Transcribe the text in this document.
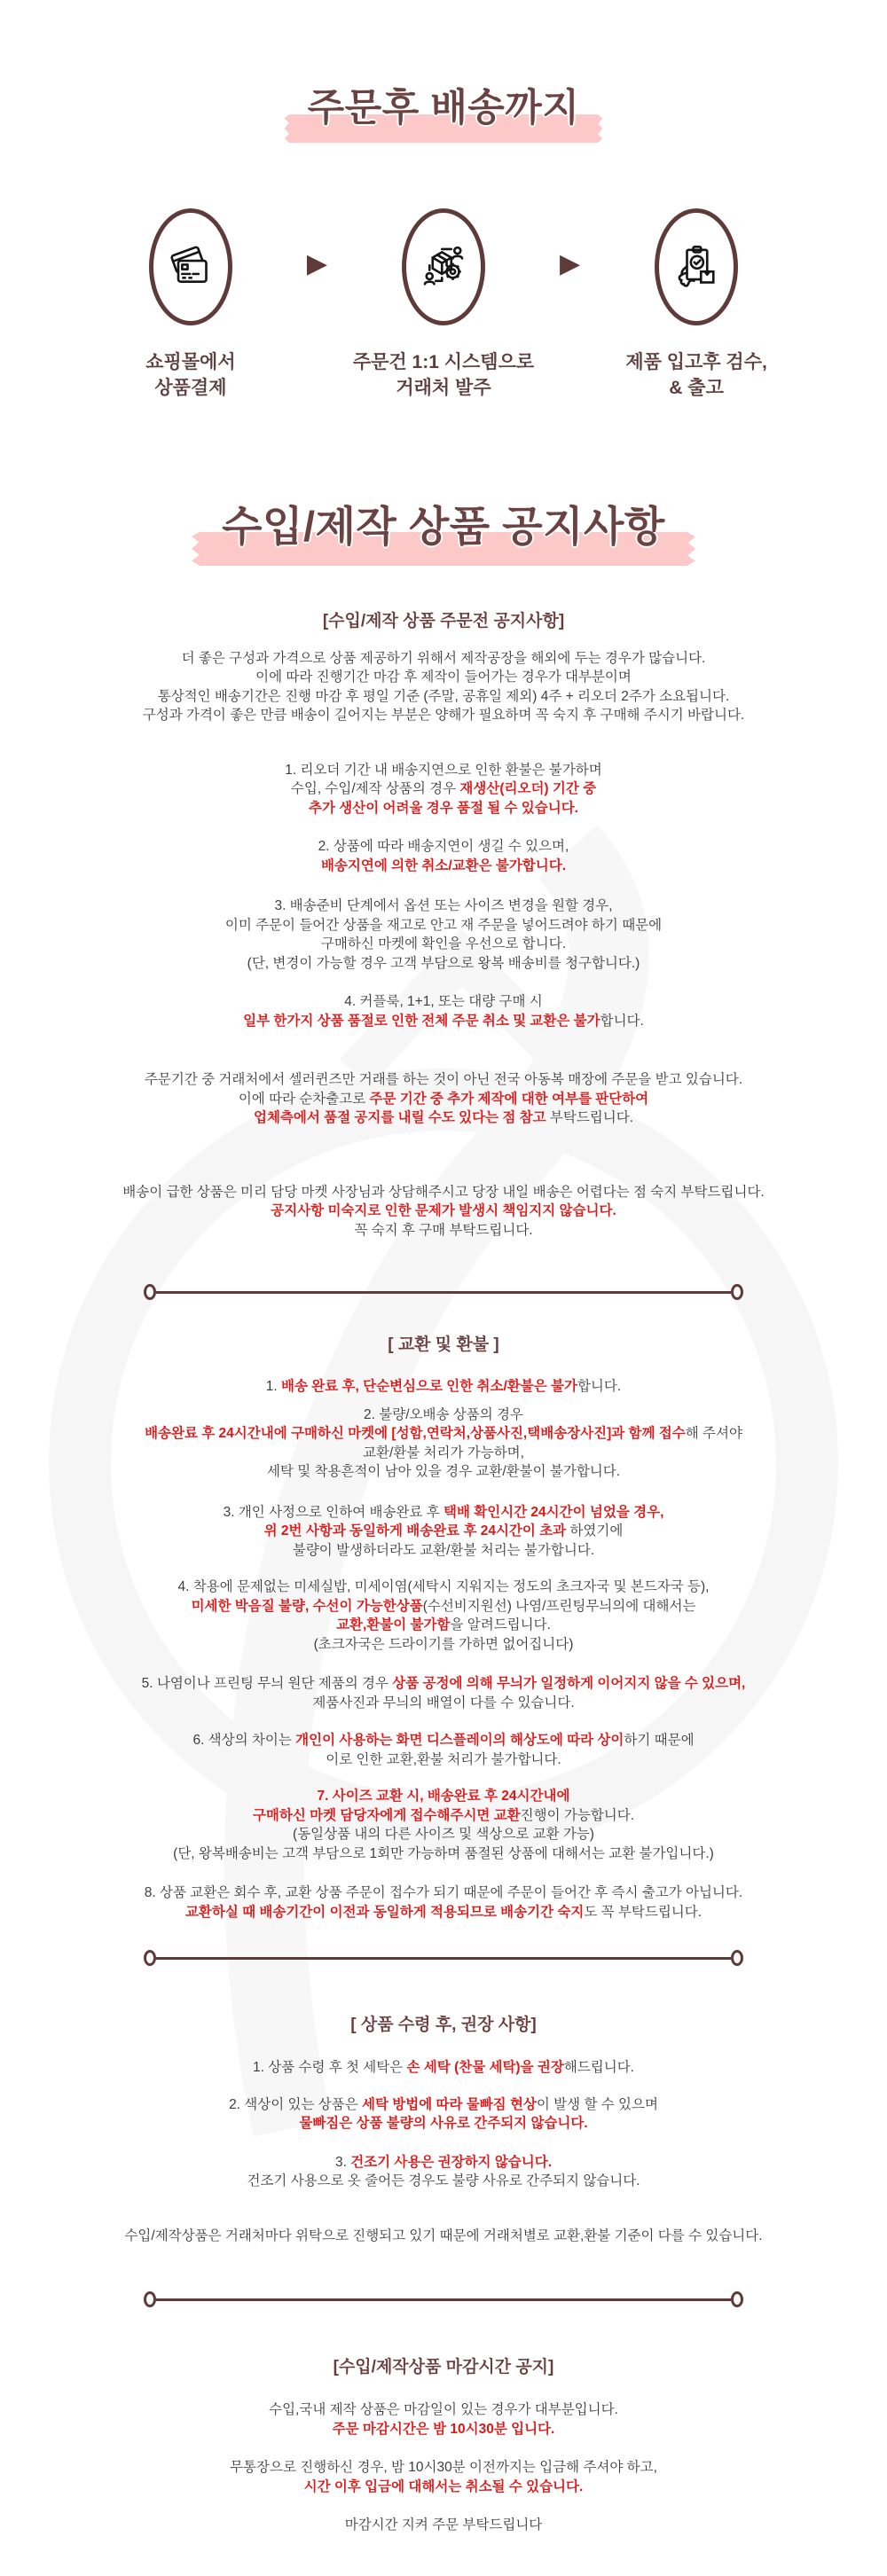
주문후 배송까지
쇼핑몰에서
상품결제
▶
주문건 1:1 시스템으로
거래처 발주
▶
제품 입고후 검수,
& 출고
수입/제작 상품 공지사항
[수입/제작 상품 주문전 공지사항]
더 좋은 구성과 가격으로 상품 제공하기 위해서 제작공장을 해외에 두는 경우가 많습니다.
이에 따라 진행기간 마감 후 제작이 들어가는 경우가 대부분이며
통상적인 배송기간은 진행 마감 후 평일 기준 (주말, 공휴일 제외) 4주 + 리오더 2주가 소요됩니다.
구성과 가격이 좋은 만큼 배송이 길어지는 부분은 양해가 필요하며 꼭 숙지 후 구매해 주시기 바랍니다.
1. 리오더 기간 내 배송지연으로 인한 환불은 불가하며
수입, 수입/제작 상품의 경우 재생산(리오더) 기간 중
추가 생산이 어려울 경우 품절 될 수 있습니다.
2. 상품에 따라 배송지연이 생길 수 있으며,
배송지연에 의한 취소/교환은 불가합니다.
3. 배송준비 단계에서 옵션 또는 사이즈 변경을 원할 경우,
이미 주문이 들어간 상품을 재고로 안고 재 주문을 넣어드려야 하기 때문에
구매하신 마켓에 확인을 우선으로 합니다.
(단, 변경이 가능할 경우 고객 부담으로 왕복 배송비를 청구합니다.)
4. 커플룩, 1+1, 또는 대량 구매 시
일부 한가지 상품 품절로 인한 전체 주문 취소 및 교환은 불가합니다.
주문기간 중 거래처에서 셀러퀸즈만 거래를 하는 것이 아닌 전국 아동복 매장에 주문을 받고 있습니다.
이에 따라 순차출고로 주문 기간 중 추가 제작에 대한 여부를 판단하여
업체측에서 품절 공지를 내릴 수도 있다는 점 참고 부탁드립니다.
배송이 급한 상품은 미리 담당 마켓 사장님과 상담해주시고 당장 내일 배송은 어렵다는 점 숙지 부탁드립니다.
공지사항 미숙지로 인한 문제가 발생시 책임지지 않습니다.
꼭 숙지 후 구매 부탁드립니다.
[ 교환 및 환불 ]
1. 배송 완료 후, 단순변심으로 인한 취소/환불은 불가합니다.
2. 불량/오배송 상품의 경우
배송완료 후 24시간내에 구매하신 마켓에 [성함,연락처,상품사진,택배송장사진]과 함께 접수해 주셔야
교환/환불 처리가 가능하며,
세탁 및 착용흔적이 남아 있을 경우 교환/환불이 불가합니다.
3. 개인 사정으로 인하여 배송완료 후 택배 확인시간 24시간이 넘었을 경우,
위 2번 사항과 동일하게 배송완료 후 24시간이 초과 하였기에
불량이 발생하더라도 교환/환불 처리는 불가합니다.
4. 착용에 문제없는 미세실밥, 미세이염(세탁시 지워지는 정도의 초크자국 및 본드자국 등),
미세한 박음질 불량, 수선이 가능한상품(수선비지원선) 나염/프린팅무늬의에 대해서는
교환,환불이 불가함을 알려드립니다.
(초크자국은 드라이기를 가하면 없어집니다)
5. 나염이나 프린팅 무늬 원단 제품의 경우 상품 공정에 의해 무늬가 일정하게 이어지지 않을 수 있으며,
제품사진과 무늬의 배열이 다를 수 있습니다.
6. 색상의 차이는 개인이 사용하는 화면 디스플레이의 해상도에 따라 상이하기 때문에
이로 인한 교환,환불 처리가 불가합니다.
7. 사이즈 교환 시, 배송완료 후 24시간내에
구매하신 마켓 담당자에게 접수해주시면 교환진행이 가능합니다.
(동일상품 내의 다른 사이즈 및 색상으로 교환 가능)
(단, 왕복배송비는 고객 부담으로 1회만 가능하며 품절된 상품에 대해서는 교환 불가입니다.)
8. 상품 교환은 회수 후, 교환 상품 주문이 접수가 되기 때문에 주문이 들어간 후 즉시 출고가 아닙니다.
교환하실 때 배송기간이 이전과 동일하게 적용되므로 배송기간 숙지도 꼭 부탁드립니다.
[ 상품 수령 후, 권장 사항]
1. 상품 수령 후 첫 세탁은 손 세탁 (찬물 세탁)을 권장해드립니다.
2. 색상이 있는 상품은 세탁 방법에 따라 물빠짐 현상이 발생 할 수 있으며
물빠짐은 상품 불량의 사유로 간주되지 않습니다.
3. 건조기 사용은 권장하지 않습니다.
건조기 사용으로 옷 줄어든 경우도 불량 사유로 간주되지 않습니다.
수입/제작상품은 거래처마다 위탁으로 진행되고 있기 때문에 거래처별로 교환,환불 기준이 다를 수 있습니다.
[수입/제작상품 마감시간 공지]
수입,국내 제작 상품은 마감일이 있는 경우가 대부분입니다.
주문 마감시간은 밤 10시30분 입니다.
무통장으로 진행하신 경우, 밤 10시30분 이전까지는 입금해 주셔야 하고,
시간 이후 입금에 대해서는 취소될 수 있습니다.
마감시간 지켜 주문 부탁드립니다
